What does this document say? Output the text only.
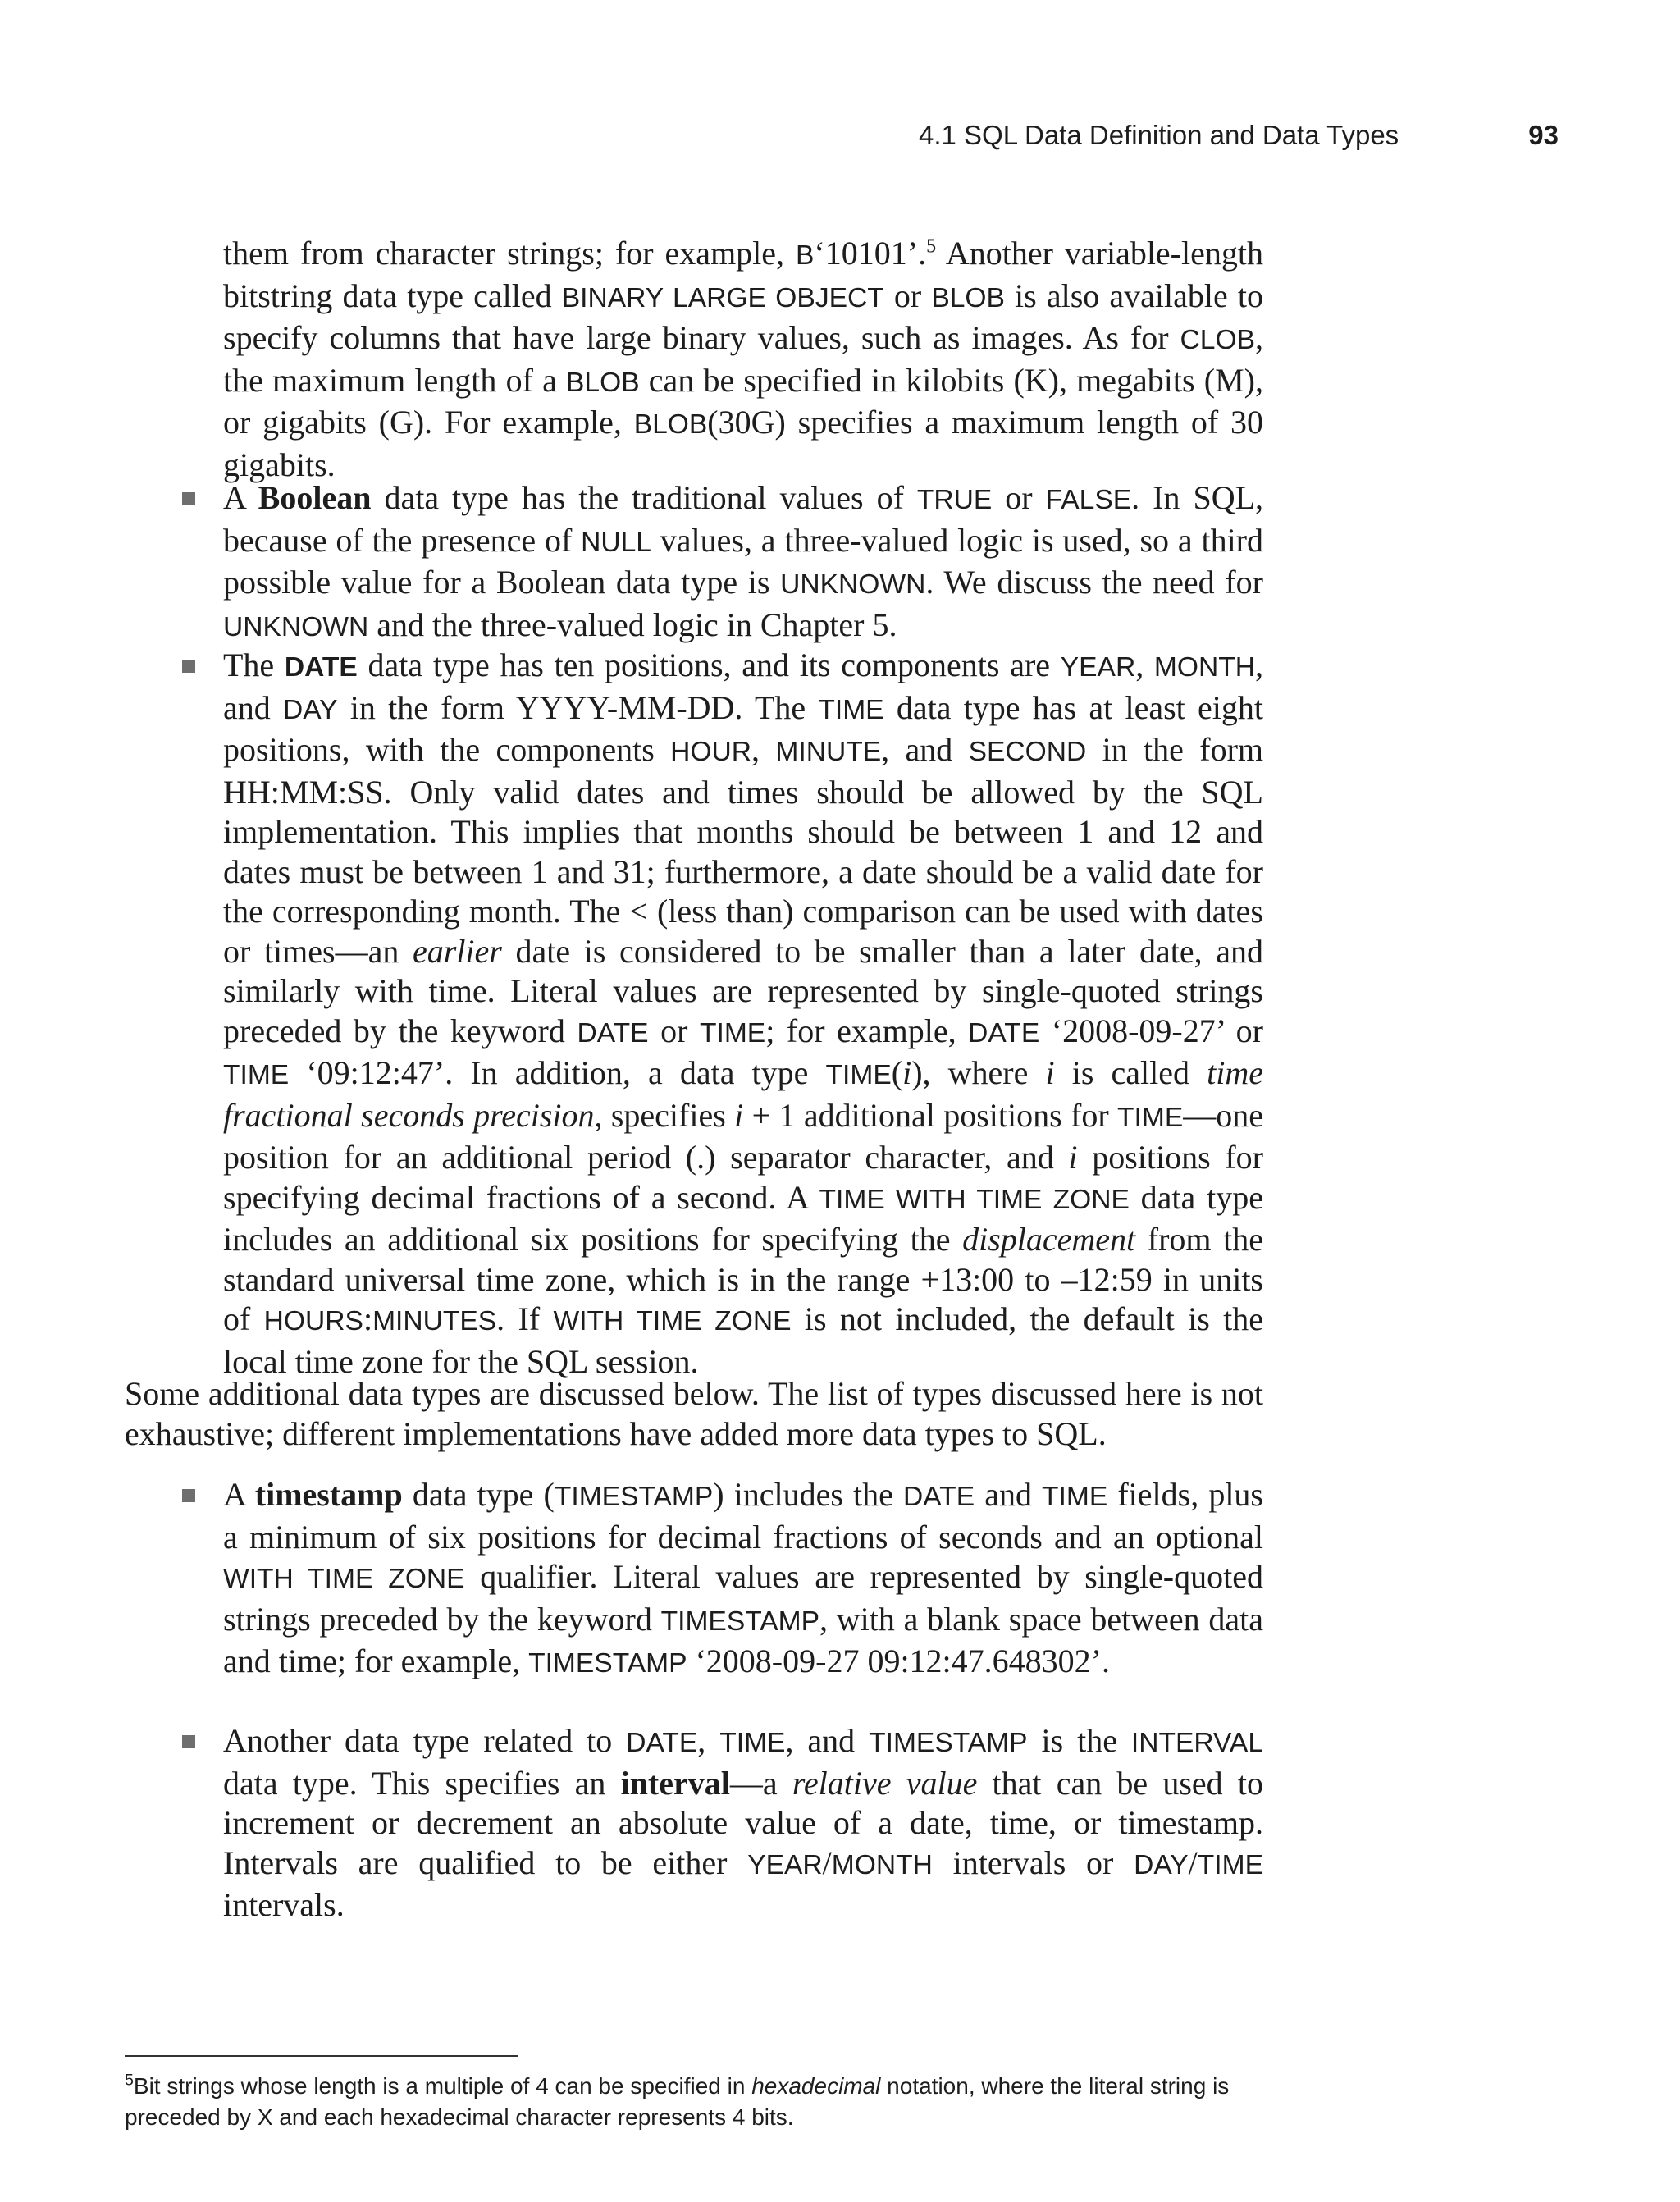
4.1 SQL Data Definition and Data Types	93
them from character strings; for example, B‘10101’.$^5$ Another variable-length bitstring data type called BINARY LARGE OBJECT or BLOB is also available to specify columns that have large binary values, such as images. As for CLOB, the maximum length of a BLOB can be specified in kilobits (K), megabits (M), or gigabits (G). For example, BLOB(30G) specifies a maximum length of 30 gigabits.
A Boolean data type has the traditional values of TRUE or FALSE. In SQL, because of the presence of NULL values, a three-valued logic is used, so a third possible value for a Boolean data type is UNKNOWN. We discuss the need for UNKNOWN and the three-valued logic in Chapter 5.
The DATE data type has ten positions, and its components are YEAR, MONTH, and DAY in the form YYYY-MM-DD. The TIME data type has at least eight positions, with the components HOUR, MINUTE, and SECOND in the form HH:MM:SS. Only valid dates and times should be allowed by the SQL implementation. This implies that months should be between 1 and 12 and dates must be between 1 and 31; furthermore, a date should be a valid date for the corresponding month. The < (less than) comparison can be used with dates or times—an earlier date is considered to be smaller than a later date, and similarly with time. Literal values are represented by single-quoted strings preceded by the keyword DATE or TIME; for example, DATE ‘2008-09-27’ or TIME ‘09:12:47’. In addition, a data type TIME(i), where i is called time fractional seconds precision, specifies i + 1 additional positions for TIME—one position for an additional period (.) separator character, and i positions for specifying decimal fractions of a second. A TIME WITH TIME ZONE data type includes an additional six positions for specifying the displacement from the standard universal time zone, which is in the range +13:00 to –12:59 in units of HOURS:MINUTES. If WITH TIME ZONE is not included, the default is the local time zone for the SQL session.
Some additional data types are discussed below. The list of types discussed here is not exhaustive; different implementations have added more data types to SQL.
A timestamp data type (TIMESTAMP) includes the DATE and TIME fields, plus a minimum of six positions for decimal fractions of seconds and an optional WITH TIME ZONE qualifier. Literal values are represented by single-quoted strings preceded by the keyword TIMESTAMP, with a blank space between data and time; for example, TIMESTAMP ‘2008-09-27 09:12:47.648302’.
Another data type related to DATE, TIME, and TIMESTAMP is the INTERVAL data type. This specifies an interval—a relative value that can be used to increment or decrement an absolute value of a date, time, or timestamp. Intervals are qualified to be either YEAR/MONTH intervals or DAY/TIME intervals.
$^5$Bit strings whose length is a multiple of 4 can be specified in hexadecimal notation, where the literal string is preceded by X and each hexadecimal character represents 4 bits.
